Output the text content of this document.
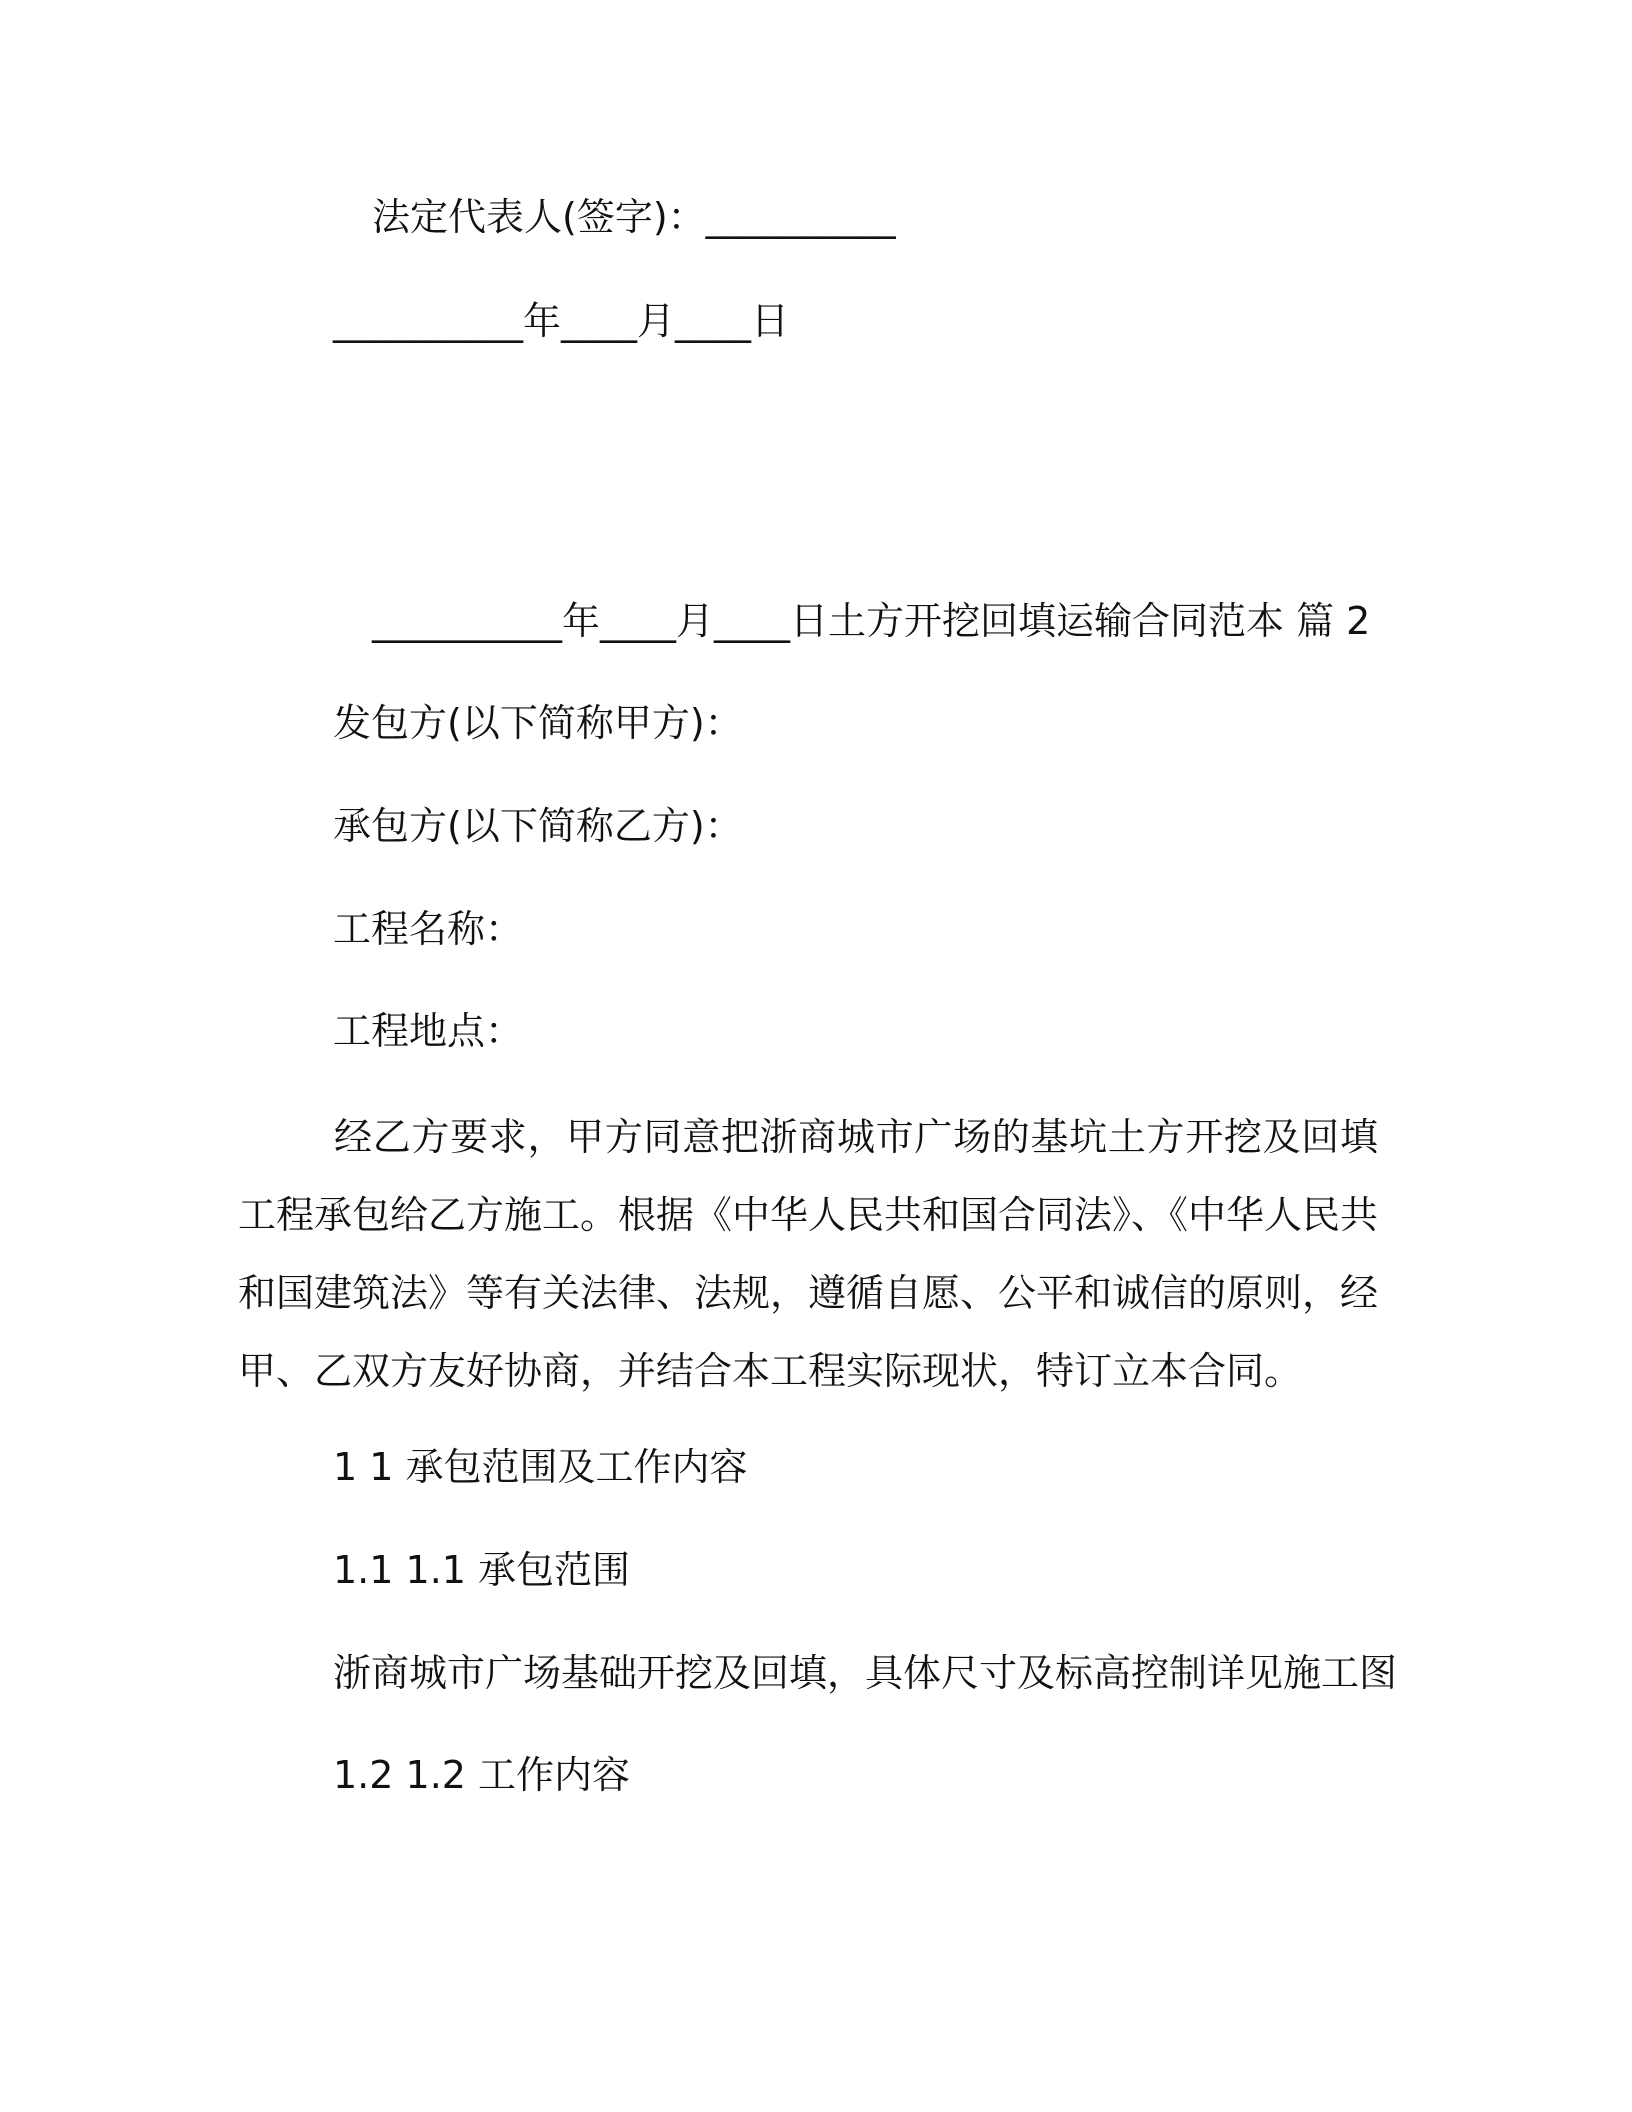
法定代表人(签字)：__________

__________年____月____日

__________年____月____日土方开挖回填运输合同范本 篇 2

发包方(以下简称甲方)：

承包方(以下简称乙方)：

工程名称：

工程地点：

经乙方要求，甲方同意把浙商城市广场的基坑土方开挖及回填工程承包给乙方施工。根据《中华人民共和国合同法》、《中华人民共和国建筑法》等有关法律、法规，遵循自愿、公平和诚信的原则，经甲、乙双方友好协商，并结合本工程实际现状，特订立本合同。

1 1 承包范围及工作内容

1.1 1.1 承包范围

浙商城市广场基础开挖及回填，具体尺寸及标高控制详见施工图

1.2 1.2 工作内容
